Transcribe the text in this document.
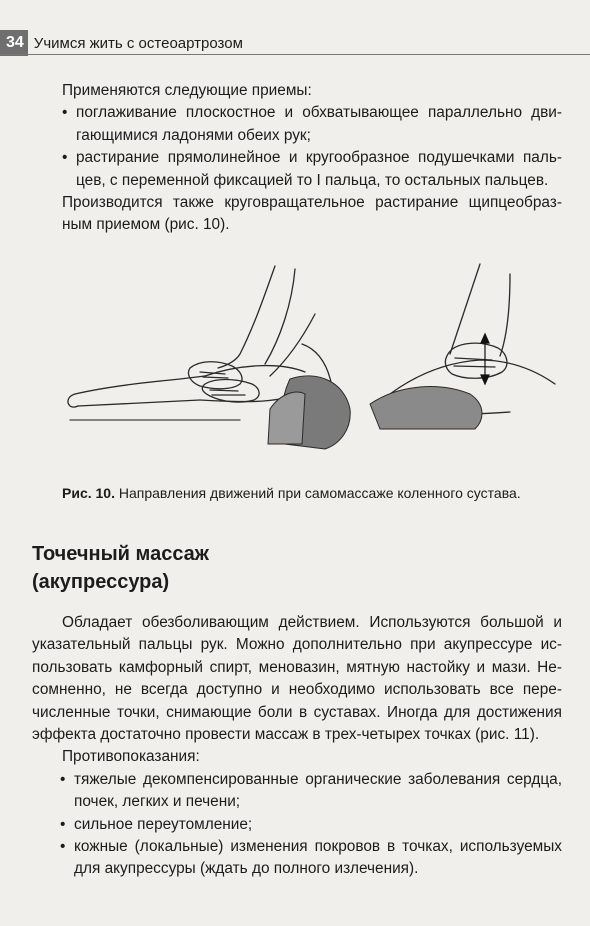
34 Учимся жить с остеоартрозом
Применяются следующие приемы:
• поглаживание плоскостное и обхватывающее параллельно двигающимися ладонями обеих рук;
• растирание прямолинейное и кругообразное подушечками пальцев, с переменной фиксацией то I пальца, то остальных пальцев.
Производится также круговращательное растирание щипцеобразным приемом (рис. 10).
Рис. 10. Направления движений при самомассаже коленного сустава.
Точечный массаж
(акупрессура)

Обладает обезболивающим действием. Используются большой и указательный пальцы рук. Можно дополнительно при акупрессуре использовать камфорный спирт, меновазин, мятную настойку и мази. Несомненно, не всегда доступно и необходимо использовать все перечисленные точки, снимающие боли в суставах. Иногда для достижения эффекта достаточно провести массаж в трех-четырех точках (рис. 11).

Противопоказания:
• тяжелые декомпенсированные органические заболевания сердца, почек, легких и печени;
• сильное переутомление;
• кожные (локальные) изменения покровов в точках, используемых для акупрессуры (ждать до полного излечения).
